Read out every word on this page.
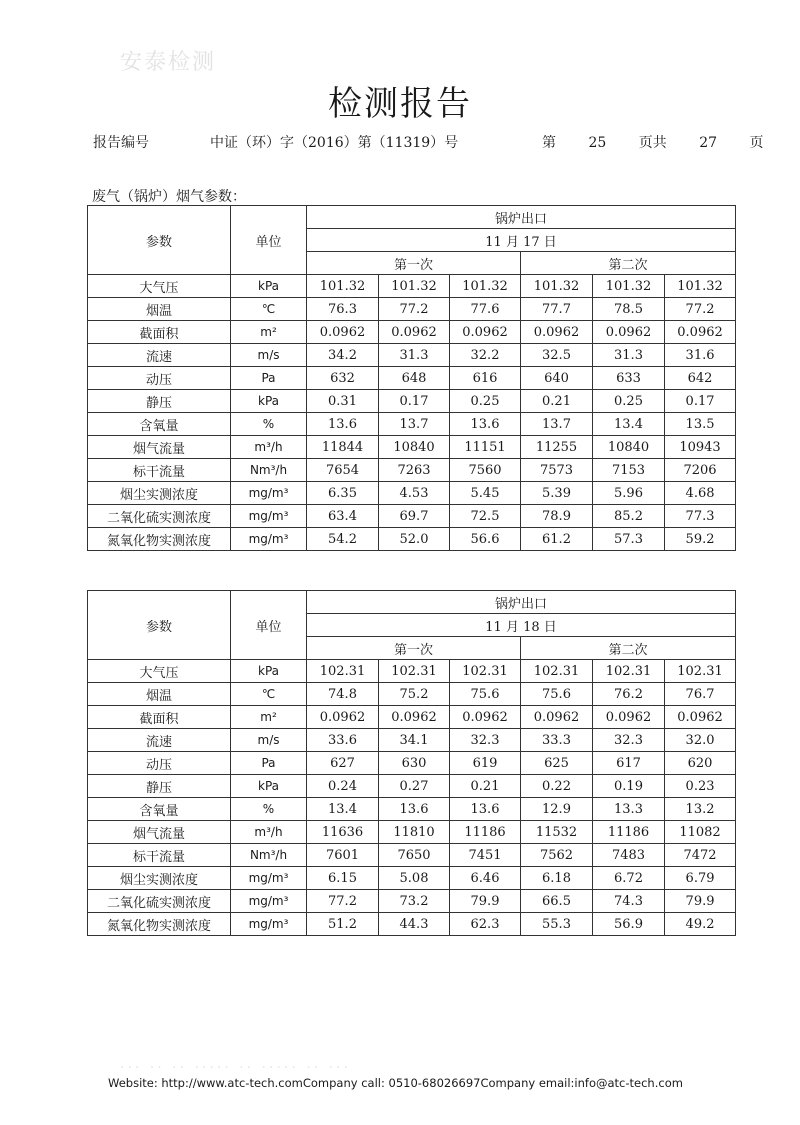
安泰检测
检测报告
报告编号	中证（环）字（2016）第（11319）号	第 25 页共 27 页
废气（锅炉）烟气参数：
参数	单位	锅炉出口					
		11 月 17 日					
		第一次			第二次		
大气压	kPa	101.32	101.32	101.32	101.32	101.32	101.32
烟温	℃	76.3	77.2	77.6	77.7	78.5	77.2
截面积	m²	0.0962	0.0962	0.0962	0.0962	0.0962	0.0962
流速	m/s	34.2	31.3	32.2	32.5	31.3	31.6
动压	Pa	632	648	616	640	633	642
静压	kPa	0.31	0.17	0.25	0.21	0.25	0.17
含氧量	%	13.6	13.7	13.6	13.7	13.4	13.5
烟气流量	m³/h	11844	10840	11151	11255	10840	10943
标干流量	Nm³/h	7654	7263	7560	7573	7153	7206
烟尘实测浓度	mg/m³	6.35	4.53	5.45	5.39	5.96	4.68
二氧化硫实测浓度	mg/m³	63.4	69.7	72.5	78.9	85.2	77.3
氮氧化物实测浓度	mg/m³	54.2	52.0	56.6	61.2	57.3	59.2
参数	单位	锅炉出口					
		11 月 18 日					
		第一次			第二次		
大气压	kPa	102.31	102.31	102.31	102.31	102.31	102.31
烟温	℃	74.8	75.2	75.6	75.6	76.2	76.7
截面积	m²	0.0962	0.0962	0.0962	0.0962	0.0962	0.0962
流速	m/s	33.6	34.1	32.3	33.3	32.3	32.0
动压	Pa	627	630	619	625	617	620
静压	kPa	0.24	0.27	0.21	0.22	0.19	0.23
含氧量	%	13.4	13.6	13.6	12.9	13.3	13.2
烟气流量	m³/h	11636	11810	11186	11532	11186	11082
标干流量	Nm³/h	7601	7650	7451	7562	7483	7472
烟尘实测浓度	mg/m³	6.15	5.08	6.46	6.18	6.72	6.79
二氧化硫实测浓度	mg/m³	77.2	73.2	79.9	66.5	74.3	79.9
氮氧化物实测浓度	mg/m³	51.2	44.3	62.3	55.3	56.9	49.2
··· ·· ·· ····· ·· ····· ·· ···
Website: http://www.atc-tech.comCompany call: 0510-68026697Company email:info@atc-tech.com
